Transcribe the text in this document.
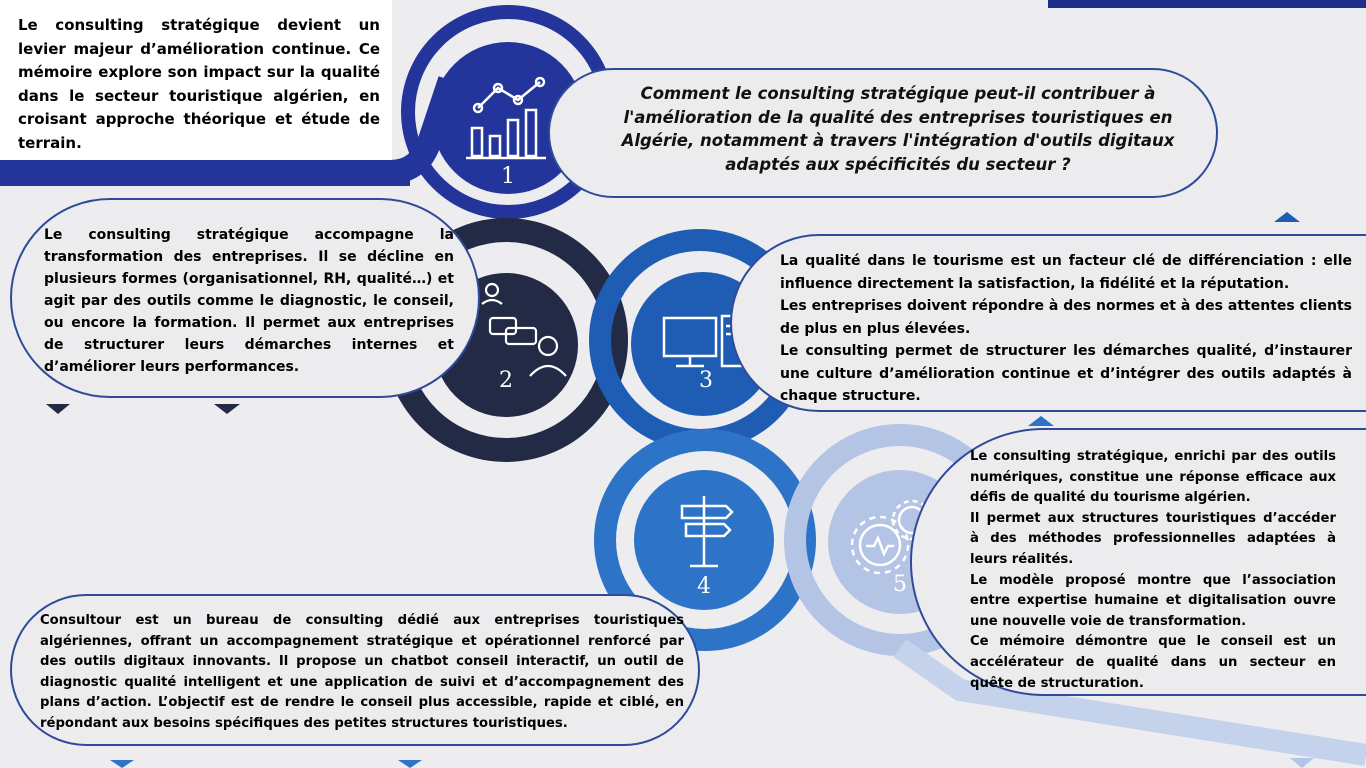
1
2	3
4	5
Le consulting stratégique devient un levier majeur d’amélioration continue. Ce mémoire explore son impact sur la qualité dans le secteur touristique algérien, en croisant approche théorique et étude de terrain.
Comment le consulting stratégique peut-il contribuer à l'amélioration de la qualité des entreprises touristiques en Algérie, notamment à travers l'intégration d'outils digitaux adaptés aux spécificités du secteur ?
Le consulting stratégique accompagne la transformation des entreprises. Il se décline en plusieurs formes (organisationnel, RH, qualité…) et agit par des outils comme le diagnostic, le conseil, ou encore la formation. Il permet aux entreprises de structurer leurs démarches internes et d’améliorer leurs performances.
La qualité dans le tourisme est un facteur clé de différenciation : elle influence directement la satisfaction, la fidélité et la réputation.
Les entreprises doivent répondre à des normes et à des attentes clients de plus en plus élevées.
Le consulting permet de structurer les démarches qualité, d’instaurer une culture d’amélioration continue et d’intégrer des outils adaptés à chaque structure.
Consultour est un bureau de consulting dédié aux entreprises touristiques algériennes, offrant un accompagnement stratégique et opérationnel renforcé par des outils digitaux innovants. Il propose un chatbot conseil interactif, un outil de diagnostic qualité intelligent et une application de suivi et d’accompagnement des plans d’action. L’objectif est de rendre le conseil plus accessible, rapide et ciblé, en répondant aux besoins spécifiques des petites structures touristiques.
Le consulting stratégique, enrichi par des outils numériques, constitue une réponse efficace aux défis de qualité du tourisme algérien.
Il permet aux structures touristiques d’accéder à des méthodes professionnelles adaptées à leurs réalités.
Le modèle proposé montre que l’association entre expertise humaine et digitalisation ouvre une nouvelle voie de transformation.
Ce mémoire démontre que le conseil est un accélérateur de qualité dans un secteur en quête de structuration.
